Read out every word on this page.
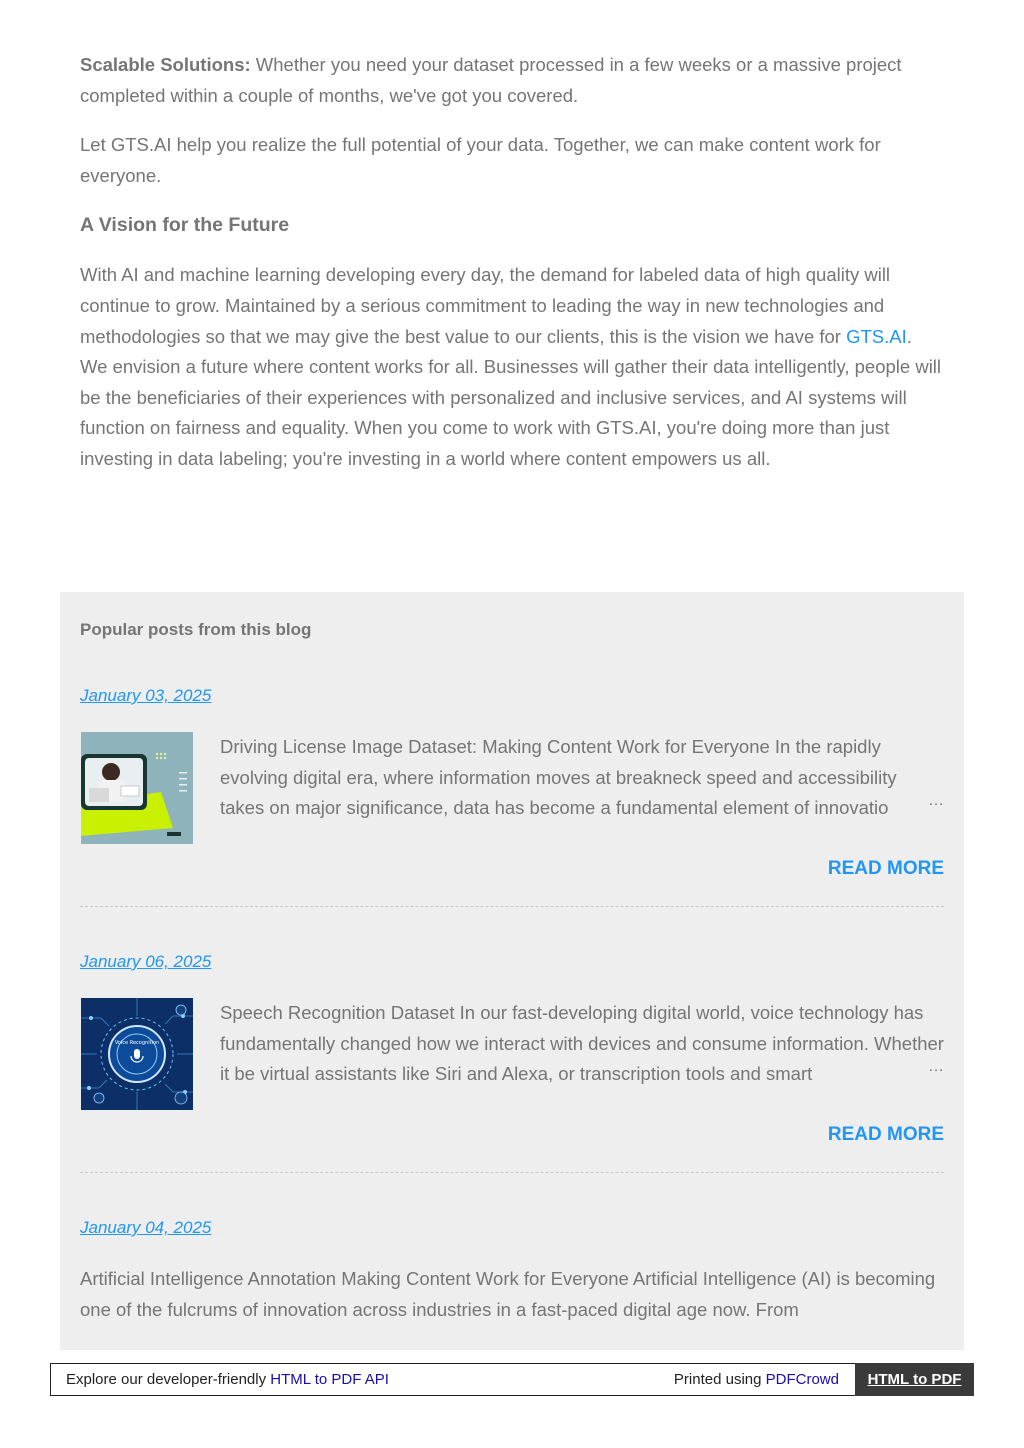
Scalable Solutions: Whether you need your dataset processed in a few weeks or a massive project completed within a couple of months, we've got you covered.

Let GTS.AI help you realize the full potential of your data. Together, we can make content work for everyone.

A Vision for the Future

With AI and machine learning developing every day, the demand for labeled data of high quality will continue to grow. Maintained by a serious commitment to leading the way in new technologies and methodologies so that we may give the best value to our clients, this is the vision we have for GTS.AI. We envision a future where content works for all. Businesses will gather their data intelligently, people will be the beneficiaries of their experiences with personalized and inclusive services, and AI systems will function on fairness and equality. When you come to work with GTS.AI, you're doing more than just investing in data labeling; you're investing in a world where content empowers us all.

Popular posts from this blog
January 03, 2025
Driving License Image Dataset: Making Content Work for Everyone In the rapidly evolving digital era, where information moves at breakneck speed and accessibility takes on major significance, data has become a fundamental element of innovatio	…
READ MORE
January 06, 2025
Voice Recognition
Speech Recognition Dataset In our fast-developing digital world, voice technology has fundamentally changed how we interact with devices and consume information. Whether it be virtual assistants like Siri and Alexa, or transcription tools and smart	…
READ MORE
January 04, 2025
Artificial Intelligence Annotation Making Content Work for Everyone Artificial Intelligence (AI) is becoming one of the fulcrums of innovation across industries in a fast-paced digital age now. From
Explore our developer-friendly HTML to PDF API	Printed using PDFCrowd	HTML to PDF
